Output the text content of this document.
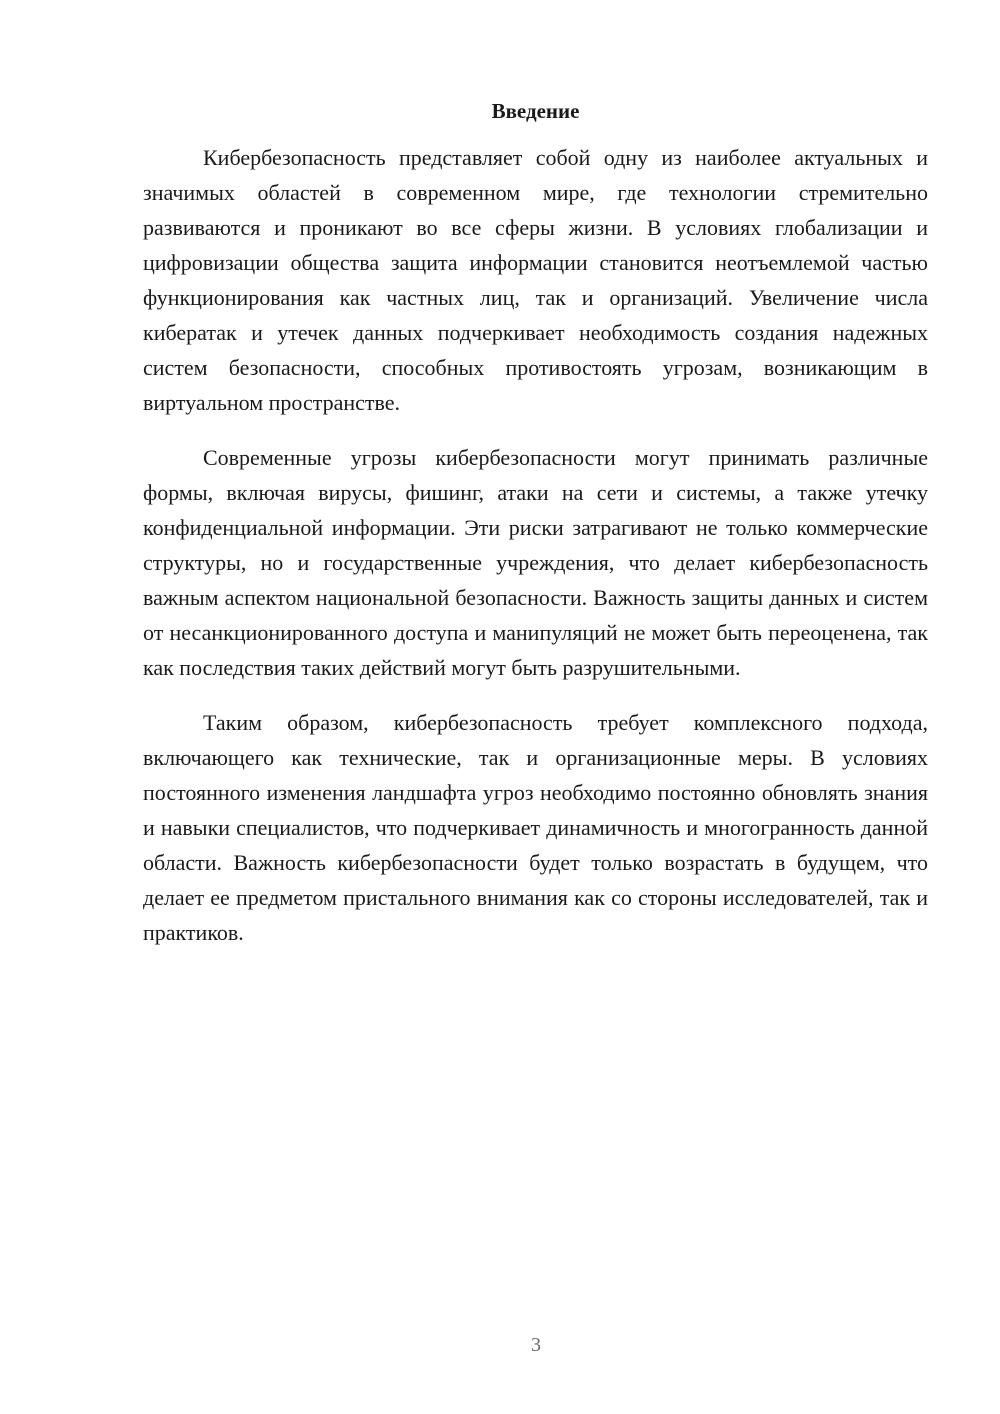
Введение

Кибербезопасность представляет собой одну из наиболее актуальных и значимых областей в современном мире, где технологии стремительно развиваются и проникают во все сферы жизни. В условиях глобализации и цифровизации общества защита информации становится неотъемлемой частью функционирования как частных лиц, так и организаций. Увеличение числа кибератак и утечек данных подчеркивает необходимость создания надежных систем безопасности, способных противостоять угрозам, возникающим в виртуальном пространстве.

Современные угрозы кибербезопасности могут принимать различные формы, включая вирусы, фишинг, атаки на сети и системы, а также утечку конфиденциальной информации. Эти риски затрагивают не только коммерческие структуры, но и государственные учреждения, что делает кибербезопасность важным аспектом национальной безопасности. Важность защиты данных и систем от несанкционированного доступа и манипуляций не может быть переоценена, так как последствия таких действий могут быть разрушительными.

Таким образом, кибербезопасность требует комплексного подхода, включающего как технические, так и организационные меры. В условиях постоянного изменения ландшафта угроз необходимо постоянно обновлять знания и навыки специалистов, что подчеркивает динамичность и многогранность данной области. Важность кибербезопасности будет только возрастать в будущем, что делает ее предметом пристального внимания как со стороны исследователей, так и практиков.

3
